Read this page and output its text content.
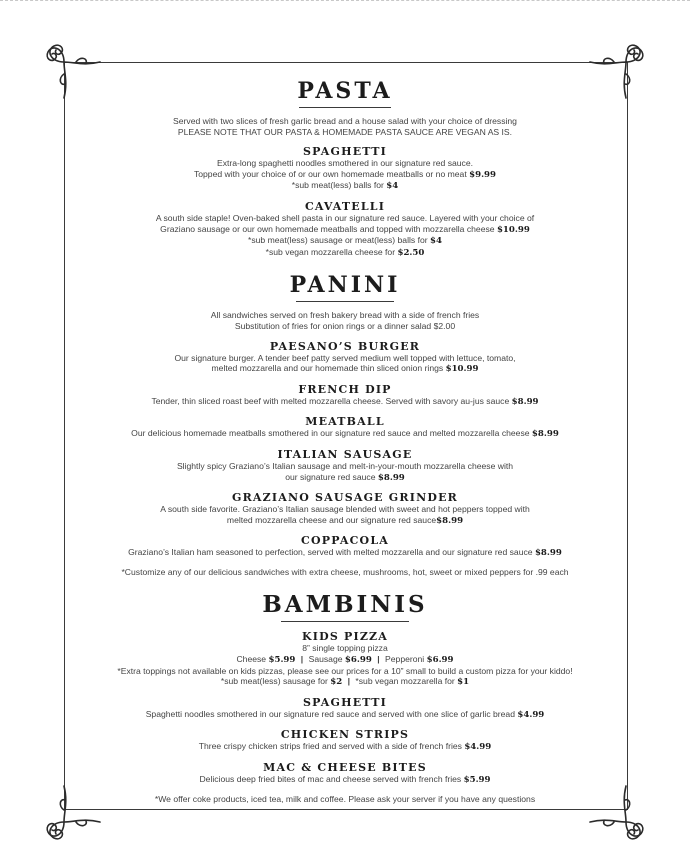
PASTA
Served with two slices of fresh garlic bread and a house salad with your choice of dressing
PLEASE NOTE THAT OUR PASTA & HOMEMADE PASTA SAUCE ARE VEGAN AS IS.
SPAGHETTI
Extra-long spaghetti noodles smothered in our signature red sauce.
Topped with your choice of or our own homemade meatballs or no meat $9.99
*sub meat(less) balls for $4
CAVATELLI
A south side staple! Oven-baked shell pasta in our signature red sauce. Layered with your choice of
Graziano sausage or our own homemade meatballs and topped with mozzarella cheese $10.99
*sub meat(less) sausage or meat(less) balls for $4
*sub vegan mozzarella cheese for $2.50
PANINI
All sandwiches served on fresh bakery bread with a side of french fries
Substitution of fries for onion rings or a dinner salad $2.00
PAESANO’S BURGER
Our signature burger. A tender beef patty served medium well topped with lettuce, tomato,
melted mozzarella and our homemade thin sliced onion rings $10.99
FRENCH DIP
Tender, thin sliced roast beef with melted mozzarella cheese. Served with savory au-jus sauce $8.99
MEATBALL
Our delicious homemade meatballs smothered in our signature red sauce and melted mozzarella cheese $8.99
ITALIAN SAUSAGE
Slightly spicy Graziano’s Italian sausage and melt-in-your-mouth mozzarella cheese with
our signature red sauce $8.99
GRAZIANO SAUSAGE GRINDER
A south side favorite. Graziano’s Italian sausage blended with sweet and hot peppers topped with
melted mozzarella cheese and our signature red sauce$8.99
COPPACOLA
Graziano’s Italian ham seasoned to perfection, served with melted mozzarella and our signature red sauce $8.99
*Customize any of our delicious sandwiches with extra cheese, mushrooms, hot, sweet or mixed peppers for .99 each
BAMBINIS
KIDS PIZZA
8” single topping pizza
Cheese $5.99 | Sausage $6.99 | Pepperoni $6.99
*Extra toppings not available on kids pizzas, please see our prices for a 10” small to build a custom pizza for your kiddo!
*sub meat(less) sausage for $2 | *sub vegan mozzarella for $1
SPAGHETTI
Spaghetti noodles smothered in our signature red sauce and served with one slice of garlic bread $4.99
CHICKEN STRIPS
Three crispy chicken strips fried and served with a side of french fries $4.99
MAC & CHEESE BITES
Delicious deep fried bites of mac and cheese served with french fries $5.99
*We offer coke products, iced tea, milk and coffee. Please ask your server if you have any questions
